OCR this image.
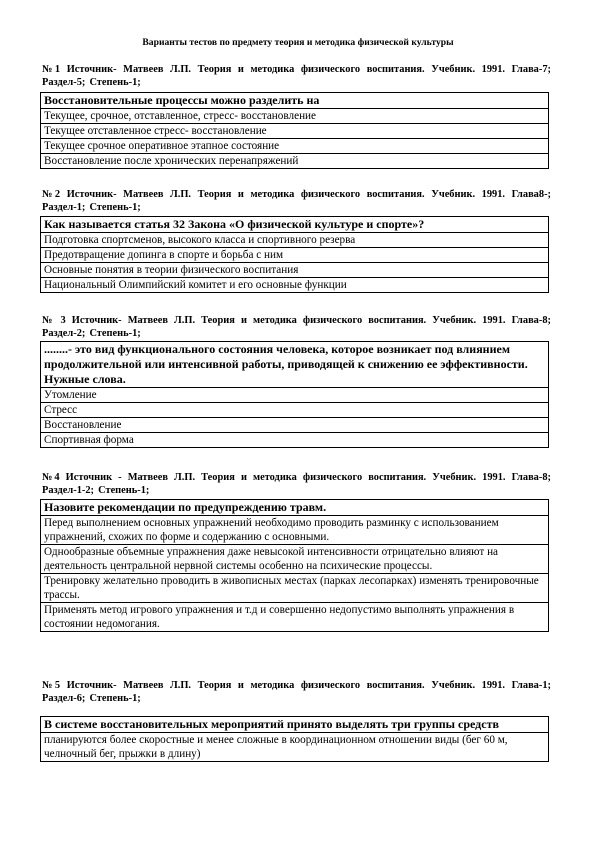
Варианты тестов по предмету теория и методика физической культуры
№1 Источник- Матвеев Л.П. Теория и методика физического воспитания. Учебник. 1991. Глава-7; Раздел-5; Степень-1;
Восстановительные процессы можно разделить на
Текущее, срочное, отставленное, стресс- восстановление
Текущее отставленное стресс- восстановление
Текущее срочное оперативное этапное состояние
Восстановление после хронических перенапряжений
№2 Источник- Матвеев Л.П. Теория и методика физического воспитания. Учебник. 1991. Глава8-; Раздел-1; Степень-1;
Как называется статья 32 Закона «О физической культуре и спорте»?
Подготовка спортсменов, высокого класса и спортивного резерва
Предотвращение допинга в спорте и борьба с ним
Основные понятия в теории физического воспитания
Национальный Олимпийский комитет и его основные функции
№ 3 Источник- Матвеев Л.П. Теория и методика физического воспитания. Учебник. 1991. Глава-8; Раздел-2; Степень-1;
........- это вид функционального состояния человека, которое возникает под влиянием продолжительной или интенсивной работы, приводящей к снижению ее эффективности. Нужные слова.
Утомление
Стресс
Восстановление
Спортивная форма
№4 Источник - Матвеев Л.П. Теория и методика физического воспитания. Учебник. 1991. Глава-8; Раздел-1-2; Степень-1;
Назовите рекомендации по предупреждению травм.
Перед выполнением основных упражнений необходимо проводить разминку с использованием упражнений, схожих по форме и содержанию с основными.
Однообразные объемные упражнения даже невысокой интенсивности отрицательно влияют на деятельность центральной нервной системы особенно на психические процессы.
Тренировку желательно проводить в живописных местах (парках лесопарках) изменять тренировочные трассы.
Применять метод игрового упражнения и т.д и совершенно недопустимо выполнять упражнения в состоянии недомогания.
№5 Источник- Матвеев Л.П. Теория и методика физического воспитания. Учебник. 1991. Глава-1; Раздел-6; Степень-1;
В системе восстановительных мероприятий принято выделять три группы средств
планируются более скоростные и менее сложные в координационном отношении виды (бег 60 м, челночный бег, прыжки в длину)
